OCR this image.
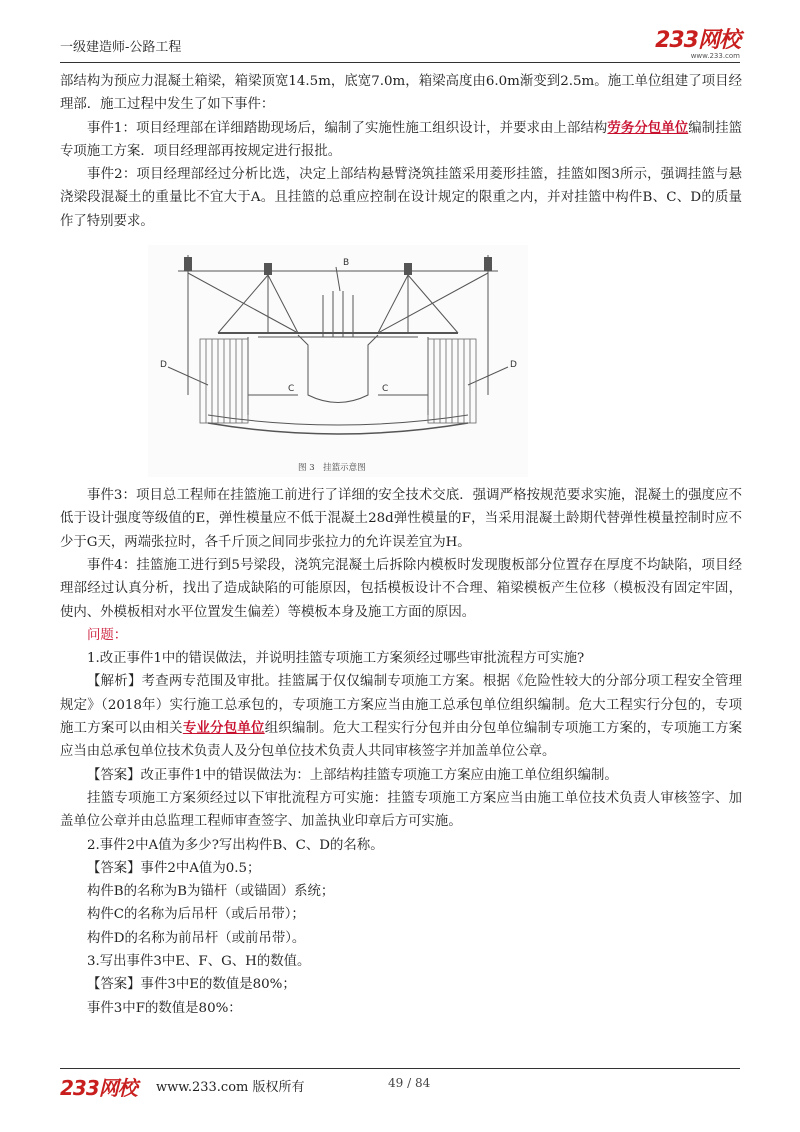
一级建造师-公路工程	233网校
www.233.com

部结构为预应力混凝土箱梁，箱梁顶宽14.5m，底宽7.0m，箱梁高度由6.0m渐变到2.5m。施工单位组建了项目经理部．施工过程中发生了如下事件：

事件1：项目经理部在详细踏勘现场后，编制了实施性施工组织设计，并要求由上部结构劳务分包单位编制挂篮专项施工方案．项目经理部再按规定进行报批。

事件2：项目经理部经过分析比选，决定上部结构悬臂浇筑挂篮采用菱形挂篮，挂篮如图3所示，强调挂篮与悬浇梁段混凝土的重量比不宜大于A。且挂篮的总重应控制在设计规定的限重之内，并对挂篮中构件B、C、D的质量作了特别要求。

B
D	D
C	C
图 3　挂篮示意图

事件3：项目总工程师在挂篮施工前进行了详细的安全技术交底．强调严格按规范要求实施，混凝土的强度应不低于设计强度等级值的E，弹性模量应不低于混凝土28d弹性模量的F，当采用混凝土龄期代替弹性模量控制时应不少于G天，两端张拉时，各千斤顶之间同步张拉力的允许误差宜为H。

事件4：挂篮施工进行到5号梁段，浇筑完混凝土后拆除内模板时发现腹板部分位置存在厚度不均缺陷，项目经理部经过认真分析，找出了造成缺陷的可能原因，包括模板设计不合理、箱梁模板产生位移（模板没有固定牢固，使内、外模板相对水平位置发生偏差）等模板本身及施工方面的原因。

问题：

1.改正事件1中的错误做法，并说明挂篮专项施工方案须经过哪些审批流程方可实施?

【解析】考查两专范围及审批。挂篮属于仅仅编制专项施工方案。根据《危险性较大的分部分项工程安全管理规定》（2018年）实行施工总承包的，专项施工方案应当由施工总承包单位组织编制。危大工程实行分包的，专项施工方案可以由相关专业分包单位组织编制。危大工程实行分包并由分包单位编制专项施工方案的，专项施工方案应当由总承包单位技术负责人及分包单位技术负责人共同审核签字并加盖单位公章。

【答案】改正事件1中的错误做法为：上部结构挂篮专项施工方案应由施工单位组织编制。

挂篮专项施工方案须经过以下审批流程方可实施：挂篮专项施工方案应当由施工单位技术负责人审核签字、加盖单位公章并由总监理工程师审查签字、加盖执业印章后方可实施。

2.事件2中A值为多少?写出构件B、C、D的名称。

【答案】事件2中A值为0.5；

构件B的名称为B为锚杆（或锚固）系统；

构件C的名称为后吊杆（或后吊带）；

构件D的名称为前吊杆（或前吊带）。

3.写出事件3中E、F、G、H的数值。

【答案】事件3中E的数值是80%；

事件3中F的数值是80%：

233网校 www.233.com 版权所有	49 / 84
